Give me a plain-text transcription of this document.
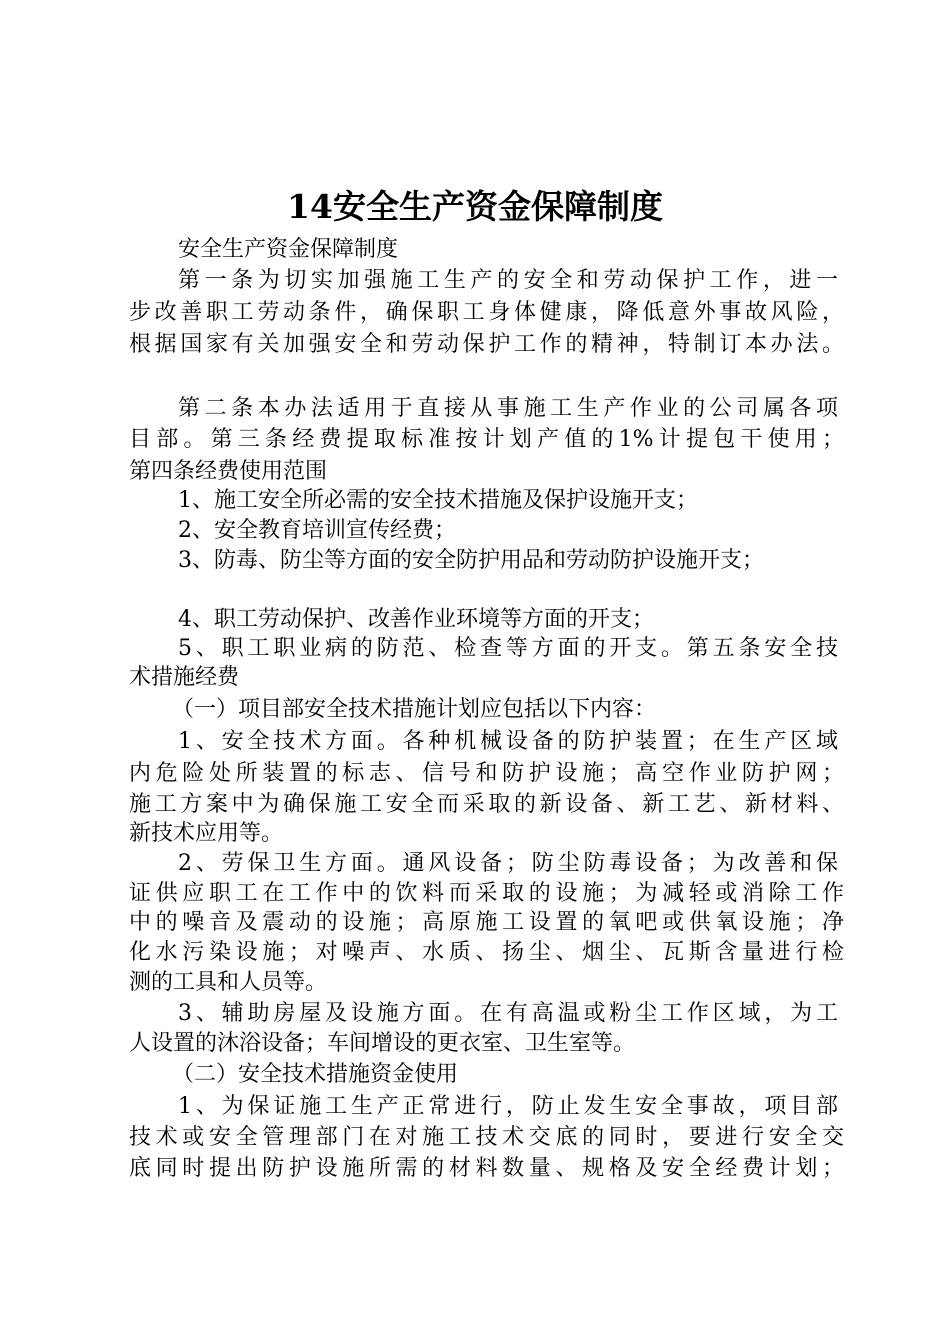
14安全生产资金保障制度
安全生产资金保障制度
第一条为切实加强施工生产的安全和劳动保护工作，进一
步改善职工劳动条件，确保职工身体健康，降低意外事故风险，
根据国家有关加强安全和劳动保护工作的精神，特制订本办法。
第二条本办法适用于直接从事施工生产作业的公司属各项
目部。第三条经费提取标准按计划产值的1%计提包干使用；
第四条经费使用范围
1、施工安全所必需的安全技术措施及保护设施开支；
2、安全教育培训宣传经费；
3、防毒、防尘等方面的安全防护用品和劳动防护设施开支；
4、职工劳动保护、改善作业环境等方面的开支；
5、职工职业病的防范、检查等方面的开支。第五条安全技
术措施经费
（一）项目部安全技术措施计划应包括以下内容：
1、安全技术方面。各种机械设备的防护装置；在生产区域
内危险处所装置的标志、信号和防护设施；高空作业防护网；
施工方案中为确保施工安全而采取的新设备、新工艺、新材料、
新技术应用等。
2、劳保卫生方面。通风设备；防尘防毒设备；为改善和保
证供应职工在工作中的饮料而采取的设施；为减轻或消除工作
中的噪音及震动的设施；高原施工设置的氧吧或供氧设施；净
化水污染设施；对噪声、水质、扬尘、烟尘、瓦斯含量进行检
测的工具和人员等。
3、辅助房屋及设施方面。在有高温或粉尘工作区域，为工
人设置的沐浴设备；车间增设的更衣室、卫生室等。
（二）安全技术措施资金使用
1、为保证施工生产正常进行，防止发生安全事故，项目部
技术或安全管理部门在对施工技术交底的同时，要进行安全交
底同时提出防护设施所需的材料数量、规格及安全经费计划；
